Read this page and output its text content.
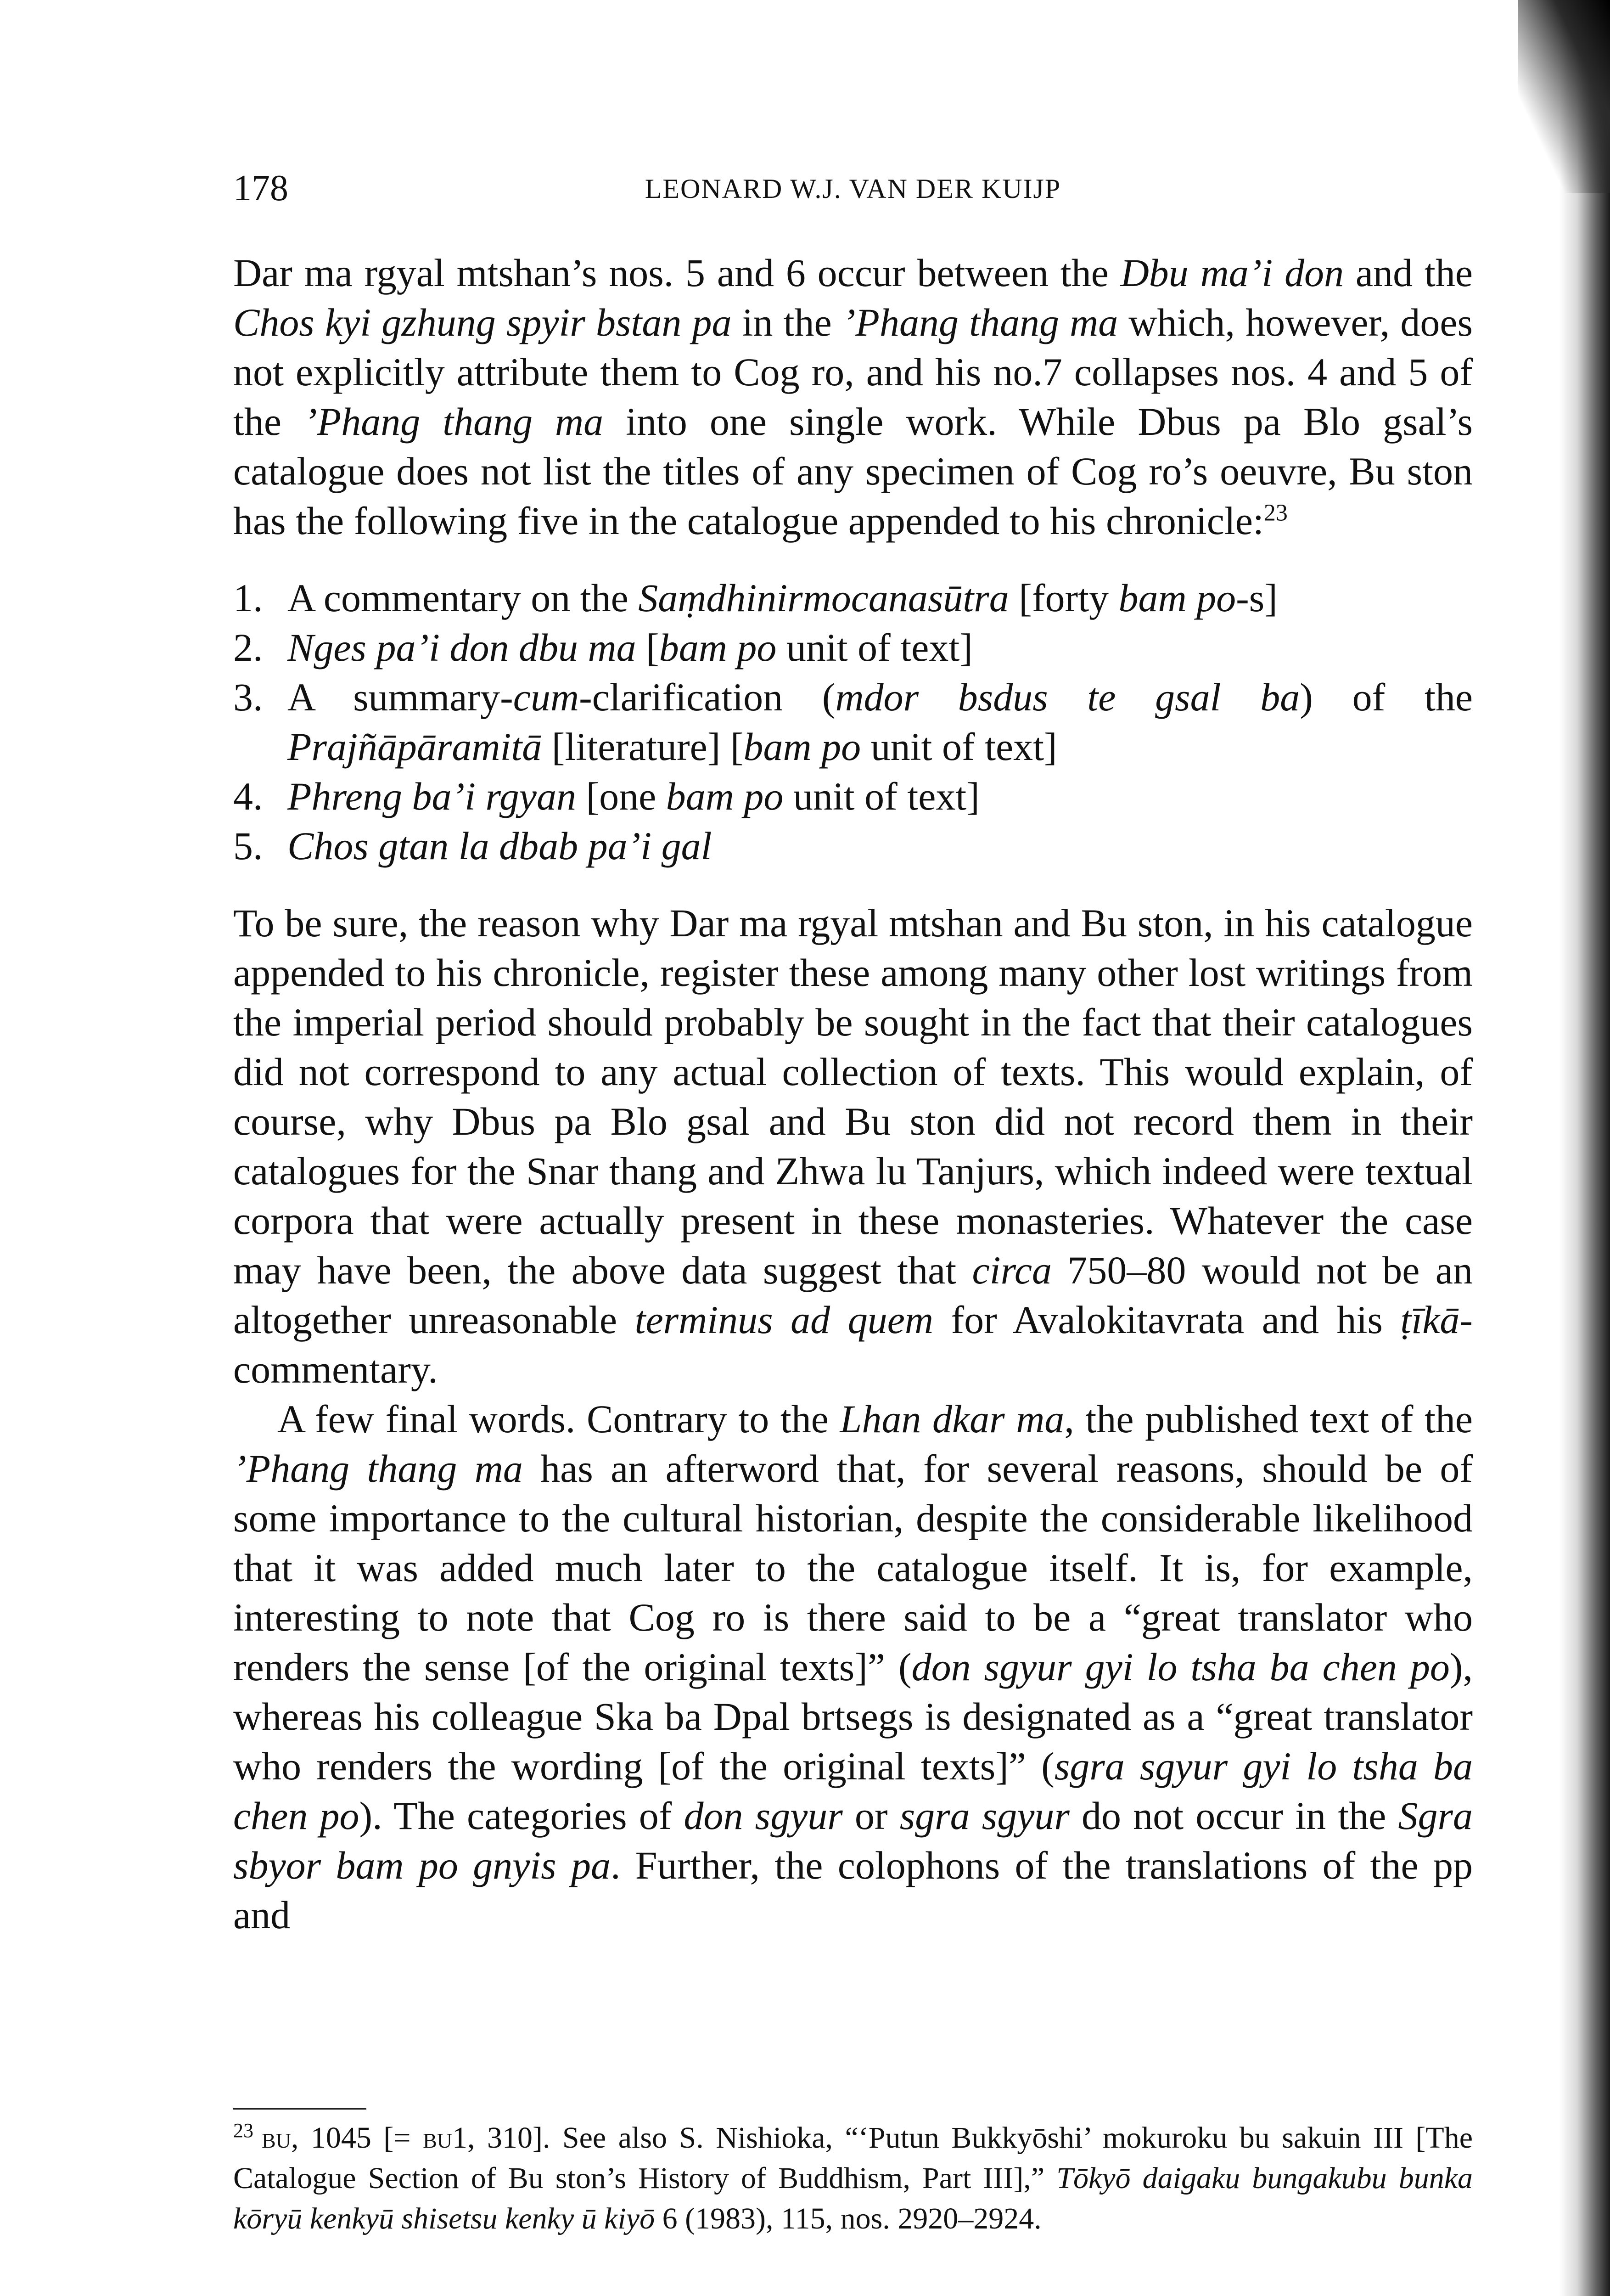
178	LEONARD W.J. VAN DER KUIJP

Dar ma rgyal mtshan’s nos. 5 and 6 occur between the Dbu ma’i don and the Chos kyi gzhung spyir bstan pa in the ’Phang thang ma which, however, does not explicitly attribute them to Cog ro, and his no.7 collapses nos. 4 and 5 of the ’Phang thang ma into one single work. While Dbus pa Blo gsal’s catalogue does not list the titles of any specimen of Cog ro’s oeuvre, Bu ston has the following five in the catalogue appended to his chronicle:$^{23}$

1. A commentary on the Saṃdhinirmocanasūtra [forty bam po-s]
2. Nges pa’i don dbu ma [bam po unit of text]
3. A summary-cum-clarification (mdor bsdus te gsal ba) of the Prajñāpāramitā [literature] [bam po unit of text]
4. Phreng ba’i rgyan [one bam po unit of text]
5. Chos gtan la dbab pa’i gal

To be sure, the reason why Dar ma rgyal mtshan and Bu ston, in his catalogue appended to his chronicle, register these among many other lost writings from the imperial period should probably be sought in the fact that their catalogues did not correspond to any actual collection of texts. This would explain, of course, why Dbus pa Blo gsal and Bu ston did not record them in their catalogues for the Snar thang and Zhwa lu Tanjurs, which indeed were textual corpora that were actually present in these monasteries. Whatever the case may have been, the above data suggest that circa 750–80 would not be an altogether unreasonable terminus ad quem for Avalokitavrata and his ṭīkā-commentary.

A few final words. Contrary to the Lhan dkar ma, the published text of the ’Phang thang ma has an afterword that, for several reasons, should be of some importance to the cultural historian, despite the considerable likelihood that it was added much later to the catalogue itself. It is, for example, interesting to note that Cog ro is there said to be a “great translator who renders the sense [of the original texts]” (don sgyur gyi lo tsha ba chen po), whereas his colleague Ska ba Dpal brtsegs is designated as a “great translator who renders the wording [of the original texts]” (sgra sgyur gyi lo tsha ba chen po). The categories of don sgyur or sgra sgyur do not occur in the Sgra sbyor bam po gnyis pa. Further, the colophons of the translations of the pp and

$^{23}$ bu, 1045 [= bu1, 310]. See also S. Nishioka, “‘Putun Bukkyōshi’ mokuroku bu sakuin III [The Catalogue Section of Bu ston’s History of Buddhism, Part III],” Tōkyō daigaku bungakubu bunka kōryū kenkyū shisetsu kenky ū kiyō 6 (1983), 115, nos. 2920–2924.
